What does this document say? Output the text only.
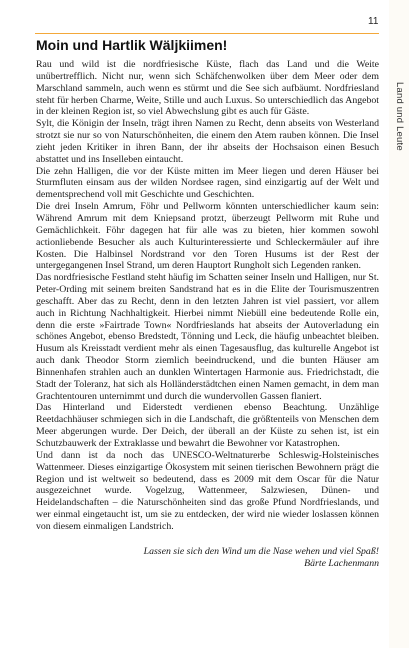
Land und Leute
11
Moin und Hartlik Wäljkiimen!

Rau und wild ist die nordfriesische Küste, flach das Land und die Weite unübertrefflich. Nicht nur, wenn sich Schäfchenwolken über dem Meer oder dem Marschland sammeln, auch wenn es stürmt und die See sich aufbäumt. Nordfriesland steht für herben Charme, Weite, Stille und auch Luxus. So unterschiedlich das Angebot in der kleinen Region ist, so viel Abwechslung gibt es auch für Gäste.

Sylt, die Königin der Inseln, trägt ihren Namen zu Recht, denn abseits von Westerland strotzt sie nur so von Naturschönheiten, die einem den Atem rauben können. Die Insel zieht jeden Kritiker in ihren Bann, der ihr abseits der Hochsaison einen Besuch abstattet und ins Inselleben eintaucht.

Die zehn Halligen, die vor der Küste mitten im Meer liegen und deren Häuser bei Sturmfluten einsam aus der wilden Nordsee ragen, sind einzigartig auf der Welt und dementsprechend voll mit Geschichte und Geschichten.

Die drei Inseln Amrum, Föhr und Pellworm könnten unterschiedlicher kaum sein: Während Amrum mit dem Kniepsand protzt, überzeugt Pellworm mit Ruhe und Gemächlichkeit. Föhr dagegen hat für alle was zu bieten, hier kommen sowohl actionliebende Besucher als auch Kulturinteressierte und Schleckermäuler auf ihre Kosten. Die Halbinsel Nordstrand vor den Toren Husums ist der Rest der untergegangenen Insel Strand, um deren Hauptort Rungholt sich Legenden ranken.

Das nordfriesische Festland steht häufig im Schatten seiner Inseln und Halligen, nur St. Peter-Ording mit seinem breiten Sandstrand hat es in die Elite der Tourismuszentren geschafft. Aber das zu Recht, denn in den letzten Jahren ist viel passiert, vor allem auch in Richtung Nachhaltigkeit. Hierbei nimmt Niebüll eine bedeutende Rolle ein, denn die erste »Fairtrade Town« Nordfrieslands hat abseits der Autoverladung ein schönes Angebot, ebenso Bredstedt, Tönning und Leck, die häufig unbeachtet bleiben. Husum als Kreisstadt verdient mehr als einen Tagesausflug, das kulturelle Angebot ist auch dank Theodor Storm ziemlich beeindruckend, und die bunten Häuser am Binnenhafen strahlen auch an dunklen Wintertagen Harmonie aus. Friedrichstadt, die Stadt der Toleranz, hat sich als Holländerstädtchen einen Namen gemacht, in dem man Grachtentouren unternimmt und durch die wundervollen Gassen flaniert.

Das Hinterland und Eiderstedt verdienen ebenso Beachtung. Unzählige Reetdachhäuser schmiegen sich in die Landschaft, die größtenteils von Menschen dem Meer abgerungen wurde. Der Deich, der überall an der Küste zu sehen ist, ist ein Schutzbauwerk der Extraklasse und bewahrt die Bewohner vor Katastrophen.

Und dann ist da noch das UNESCO-Weltnaturerbe Schleswig-Holsteinisches Wattenmeer. Dieses einzigartige Ökosystem mit seinen tierischen Bewohnern prägt die Region und ist weltweit so bedeutend, dass es 2009 mit dem Oscar für die Natur ausgezeichnet wurde. Vogelzug, Wattenmeer, Salzwiesen, Dünen- und Heidelandschaften – die Naturschönheiten sind das große Pfund Nordfrieslands, und wer einmal eingetaucht ist, um sie zu entdecken, der wird nie wieder loslassen können von diesem einmaligen Landstrich.

Lassen sie sich den Wind um die Nase wehen und viel Spaß!
Bärte Lachenmann
